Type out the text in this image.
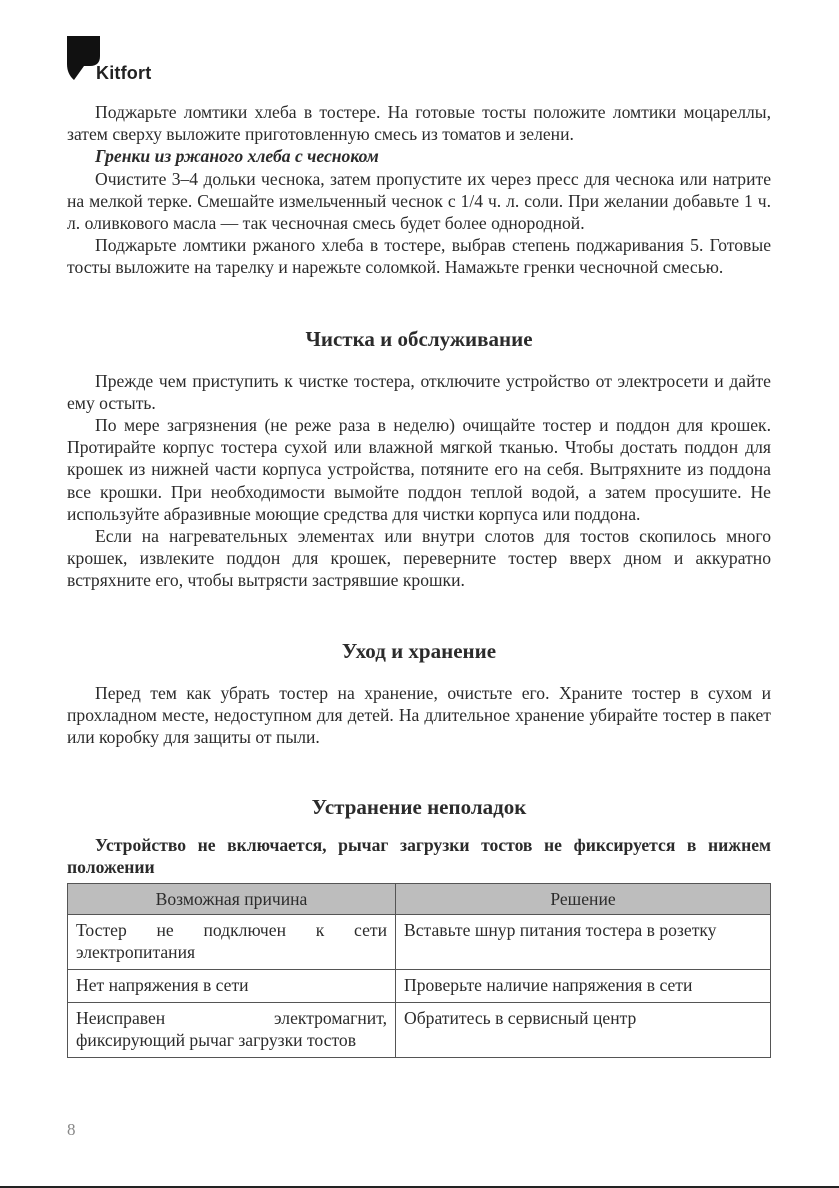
Kitfort

Поджарьте ломтики хлеба в тостере. На готовые тосты положите ломтики моцареллы, затем сверху выложите приготовленную смесь из томатов и зелени.

Гренки из ржаного хлеба с чесноком

Очистите 3–4 дольки чеснока, затем пропустите их через пресс для чеснока или натрите на мелкой терке. Смешайте измельченный чеснок с 1/4 ч. л. соли. При желании добавьте 1 ч. л. оливкового масла — так чесночная смесь будет более однородной.

Поджарьте ломтики ржаного хлеба в тостере, выбрав степень поджаривания 5. Готовые тосты выложите на тарелку и нарежьте соломкой. Намажьте гренки чесночной смесью.

Чистка и обслуживание

Прежде чем приступить к чистке тостера, отключите устройство от электросети и дайте ему остыть.

По мере загрязнения (не реже раза в неделю) очищайте тостер и поддон для крошек. Протирайте корпус тостера сухой или влажной мягкой тканью. Чтобы достать поддон для крошек из нижней части корпуса устройства, потяните его на себя. Вытряхните из поддона все крошки. При необходимости вымойте поддон теплой водой, а затем просушите. Не используйте абразивные моющие средства для чистки корпуса или поддона.

Если на нагревательных элементах или внутри слотов для тостов скопилось много крошек, извлеките поддон для крошек, переверните тостер вверх дном и аккуратно встряхните его, чтобы вытрясти застрявшие крошки.

Уход и хранение

Перед тем как убрать тостер на хранение, очистьте его. Храните тостер в сухом и прохладном месте, недоступном для детей. На длительное хранение убирайте тостер в пакет или коробку для защиты от пыли.

Устранение неполадок

Устройство не включается, рычаг загрузки тостов не фиксируется в нижнем положении

Возможная причина	Решение
Тостер не подключен к сети электропитания	Вставьте шнур питания тостера в розетку
Нет напряжения в сети	Проверьте наличие напряжения в сети
Неисправен электромагнит, фиксирующий рычаг загрузки тостов	Обратитесь в сервисный центр
8
